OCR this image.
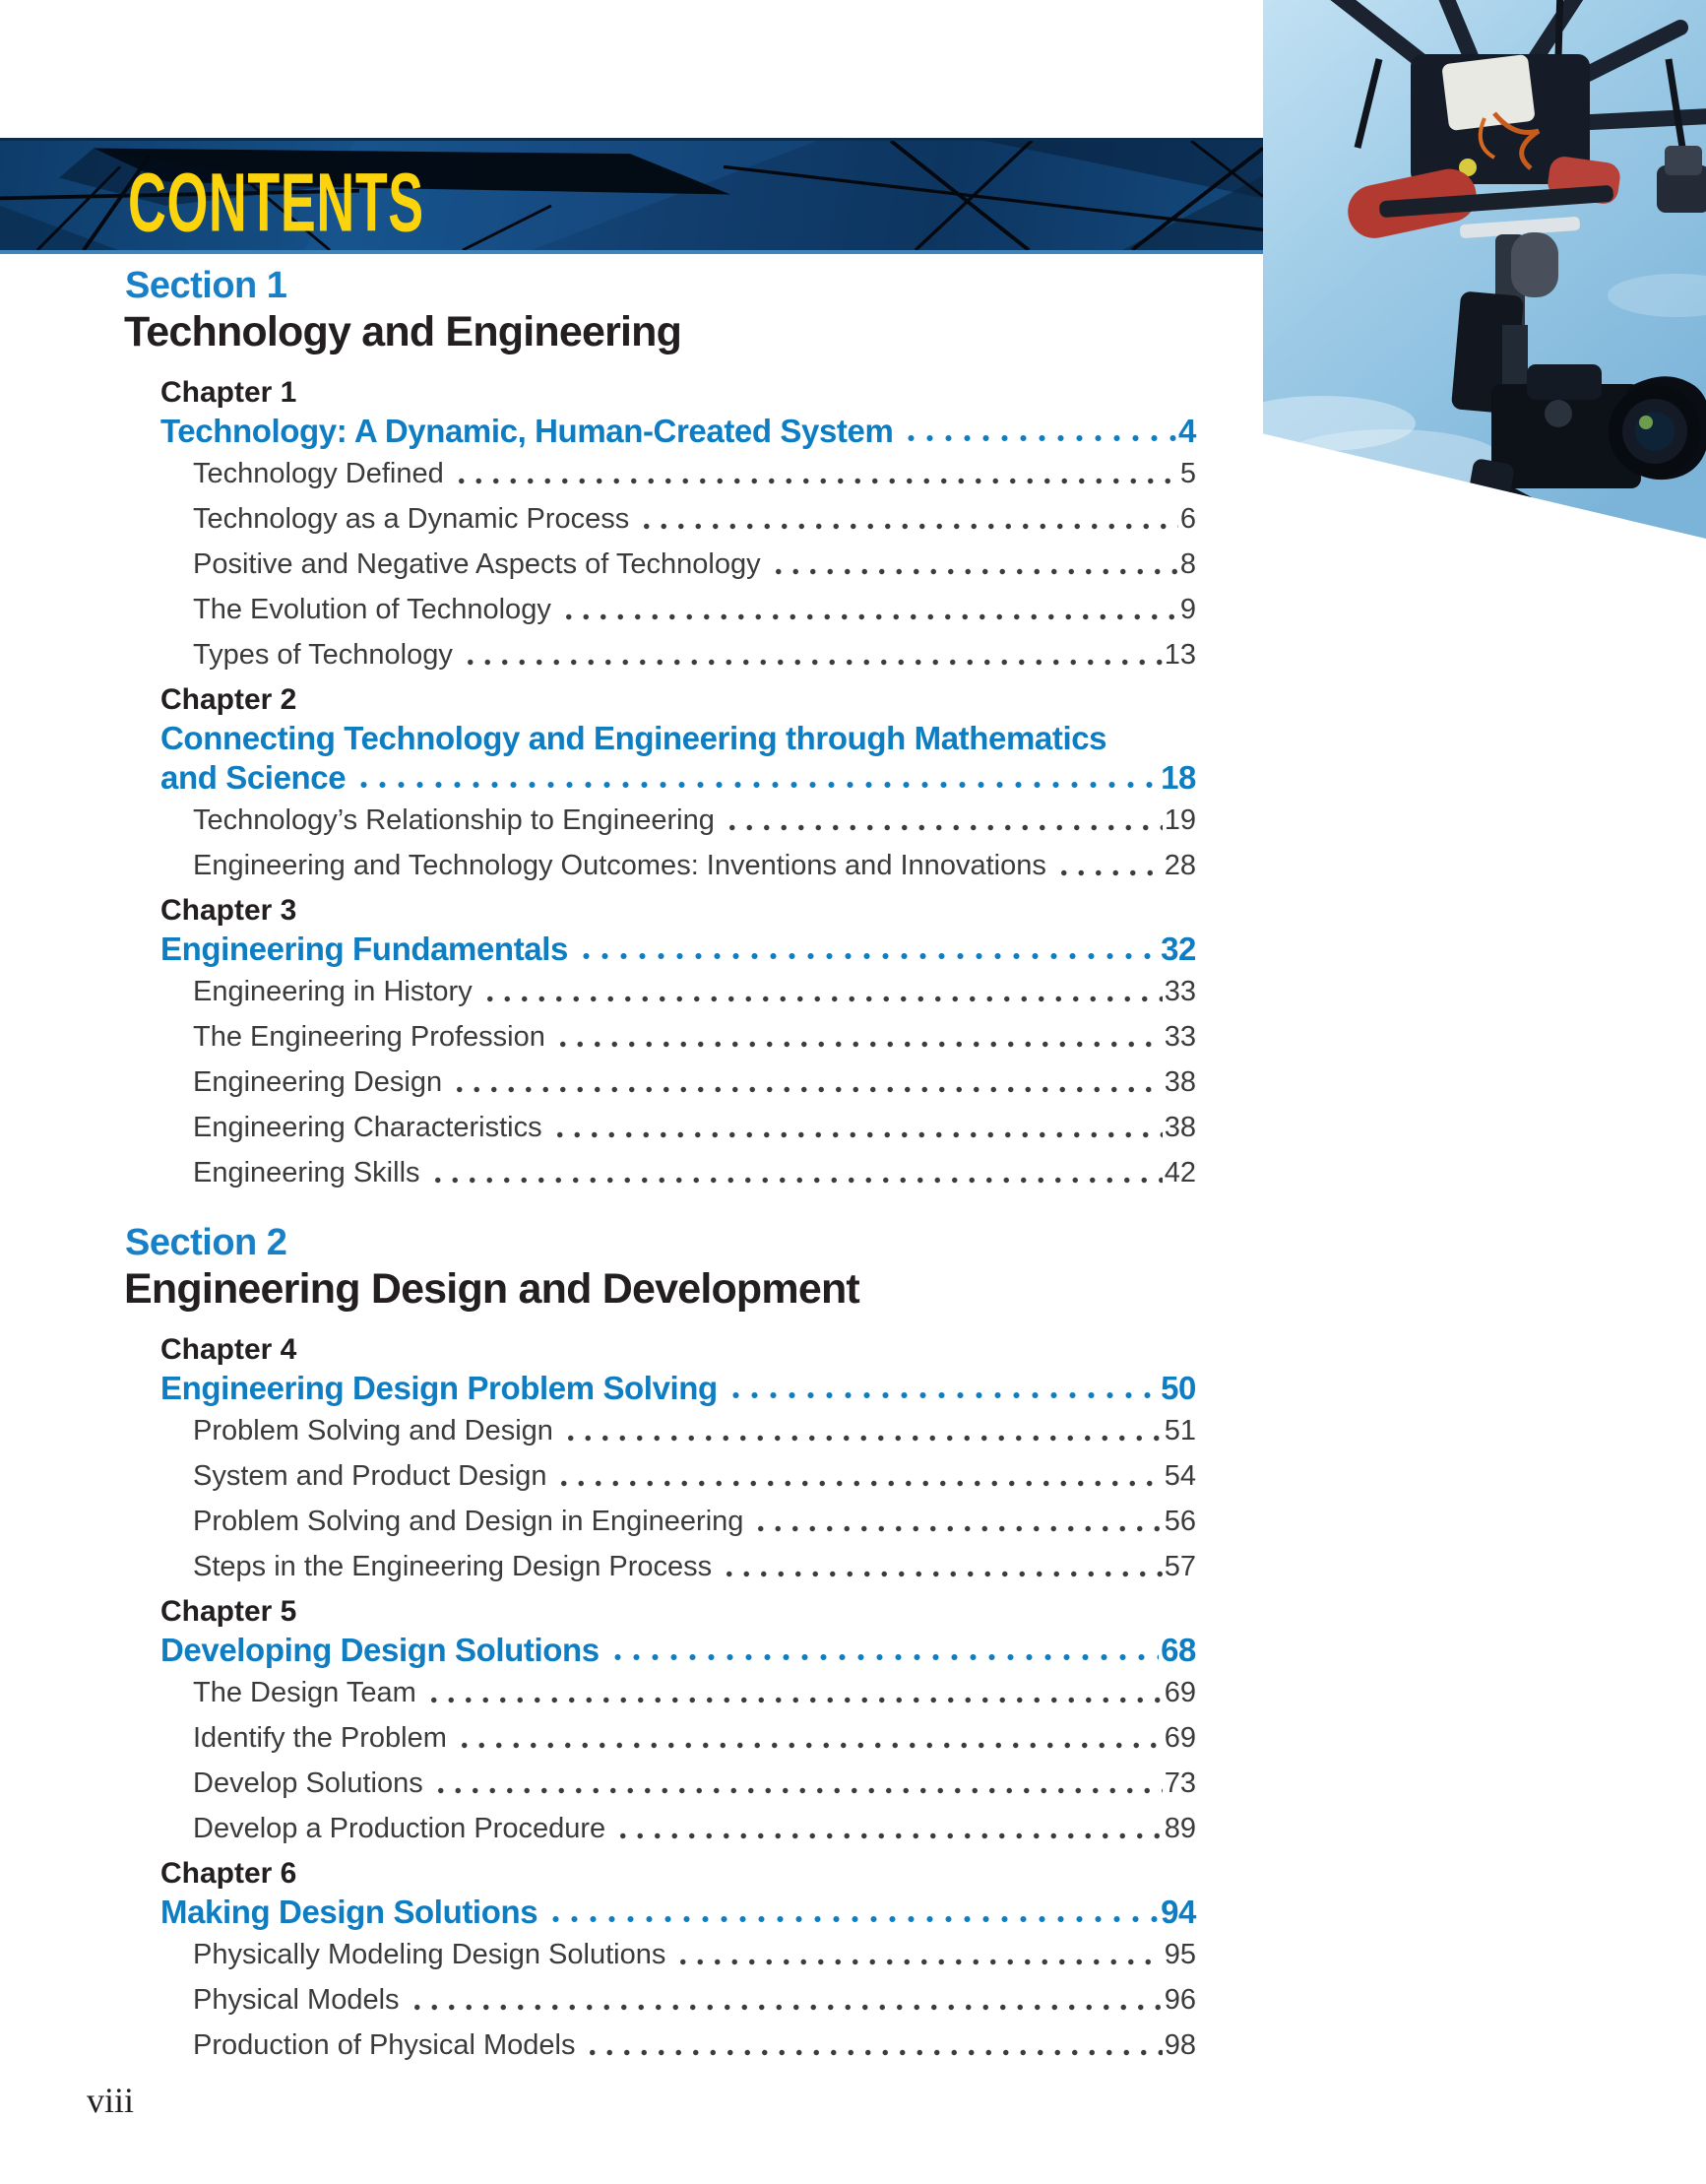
CONTENTS
Section 1
Technology and Engineering
Chapter 1
Technology: A Dynamic, Human-Created System	4
Technology Defined	5
Technology as a Dynamic Process	6
Positive and Negative Aspects of Technology	8
The Evolution of Technology	9
Types of Technology	13
Chapter 2
Connecting Technology and Engineering through Mathematics
and Science	18
Technology’s Relationship to Engineering	19
Engineering and Technology Outcomes: Inventions and Innovations	28
Chapter 3
Engineering Fundamentals	32
Engineering in History	33
The Engineering Profession	33
Engineering Design	38
Engineering Characteristics	38
Engineering Skills	42
Section 2
Engineering Design and Development
Chapter 4
Engineering Design Problem Solving	50
Problem Solving and Design	51
System and Product Design	54
Problem Solving and Design in Engineering	56
Steps in the Engineering Design Process	57
Chapter 5
Developing Design Solutions	68
The Design Team	69
Identify the Problem	69
Develop Solutions	73
Develop a Production Procedure	89
Chapter 6
Making Design Solutions	94
Physically Modeling Design Solutions	95
Physical Models	96
Production of Physical Models	98
viii
